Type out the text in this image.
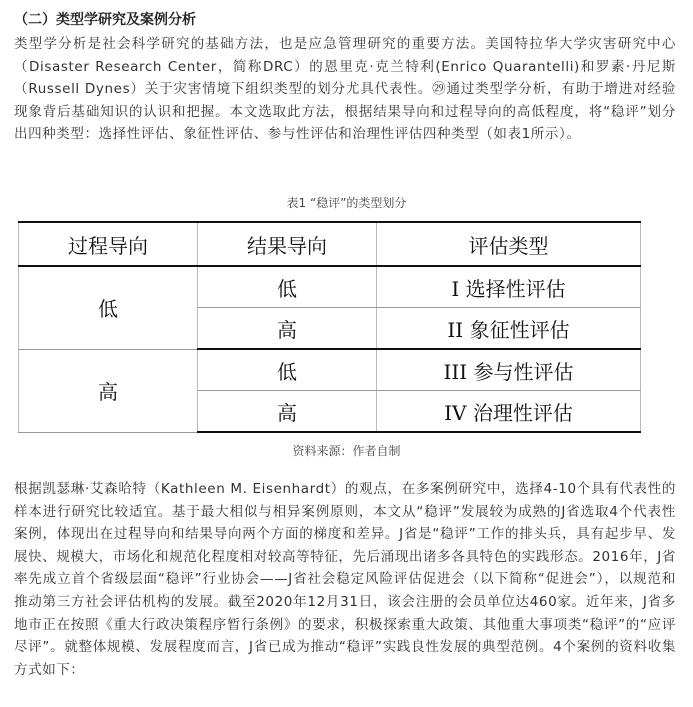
（二）类型学研究及案例分析
类型学分析是社会科学研究的基础方法，也是应急管理研究的重要方法。美国特拉华大学灾害研究中心（Disaster Research Center，简称DRC）的恩里克·克兰特利(Enrico Quarantelli)和罗素·丹尼斯（Russell Dynes）关于灾害情境下组织类型的划分尤具代表性。㉙通过类型学分析，有助于增进对经验现象背后基础知识的认识和把握。本文选取此方法，根据结果导向和过程导向的高低程度，将“稳评”划分出四种类型：选择性评估、象征性评估、参与性评估和治理性评估四种类型（如表1所示）。
表1 “稳评”的类型划分
过程导向	结果导向	评估类型
低	低	I 选择性评估
	高	II 象征性评估
高	低	III 参与性评估
	高	IV 治理性评估
资料来源：作者自制
根据凯瑟琳·艾森哈特（Kathleen M. Eisenhardt）的观点，在多案例研究中，选择4-10个具有代表性的样本进行研究比较适宜。基于最大相似与相异案例原则，本文从“稳评”发展较为成熟的J省选取4个代表性案例，体现出在过程导向和结果导向两个方面的梯度和差异。J省是“稳评”工作的排头兵，具有起步早、发展快、规模大，市场化和规范化程度相对较高等特征，先后涌现出诸多各具特色的实践形态。2016年，J省率先成立首个省级层面“稳评”行业协会——J省社会稳定风险评估促进会（以下简称“促进会”），以规范和推动第三方社会评估机构的发展。截至2020年12月31日，该会注册的会员单位达460家。近年来，J省多地市正在按照《重大行政决策程序暂行条例》的要求，积极探索重大政策、其他重大事项类“稳评”的“应评尽评”。就整体规模、发展程度而言，J省已成为推动“稳评”实践良性发展的典型范例。4个案例的资料收集方式如下：
